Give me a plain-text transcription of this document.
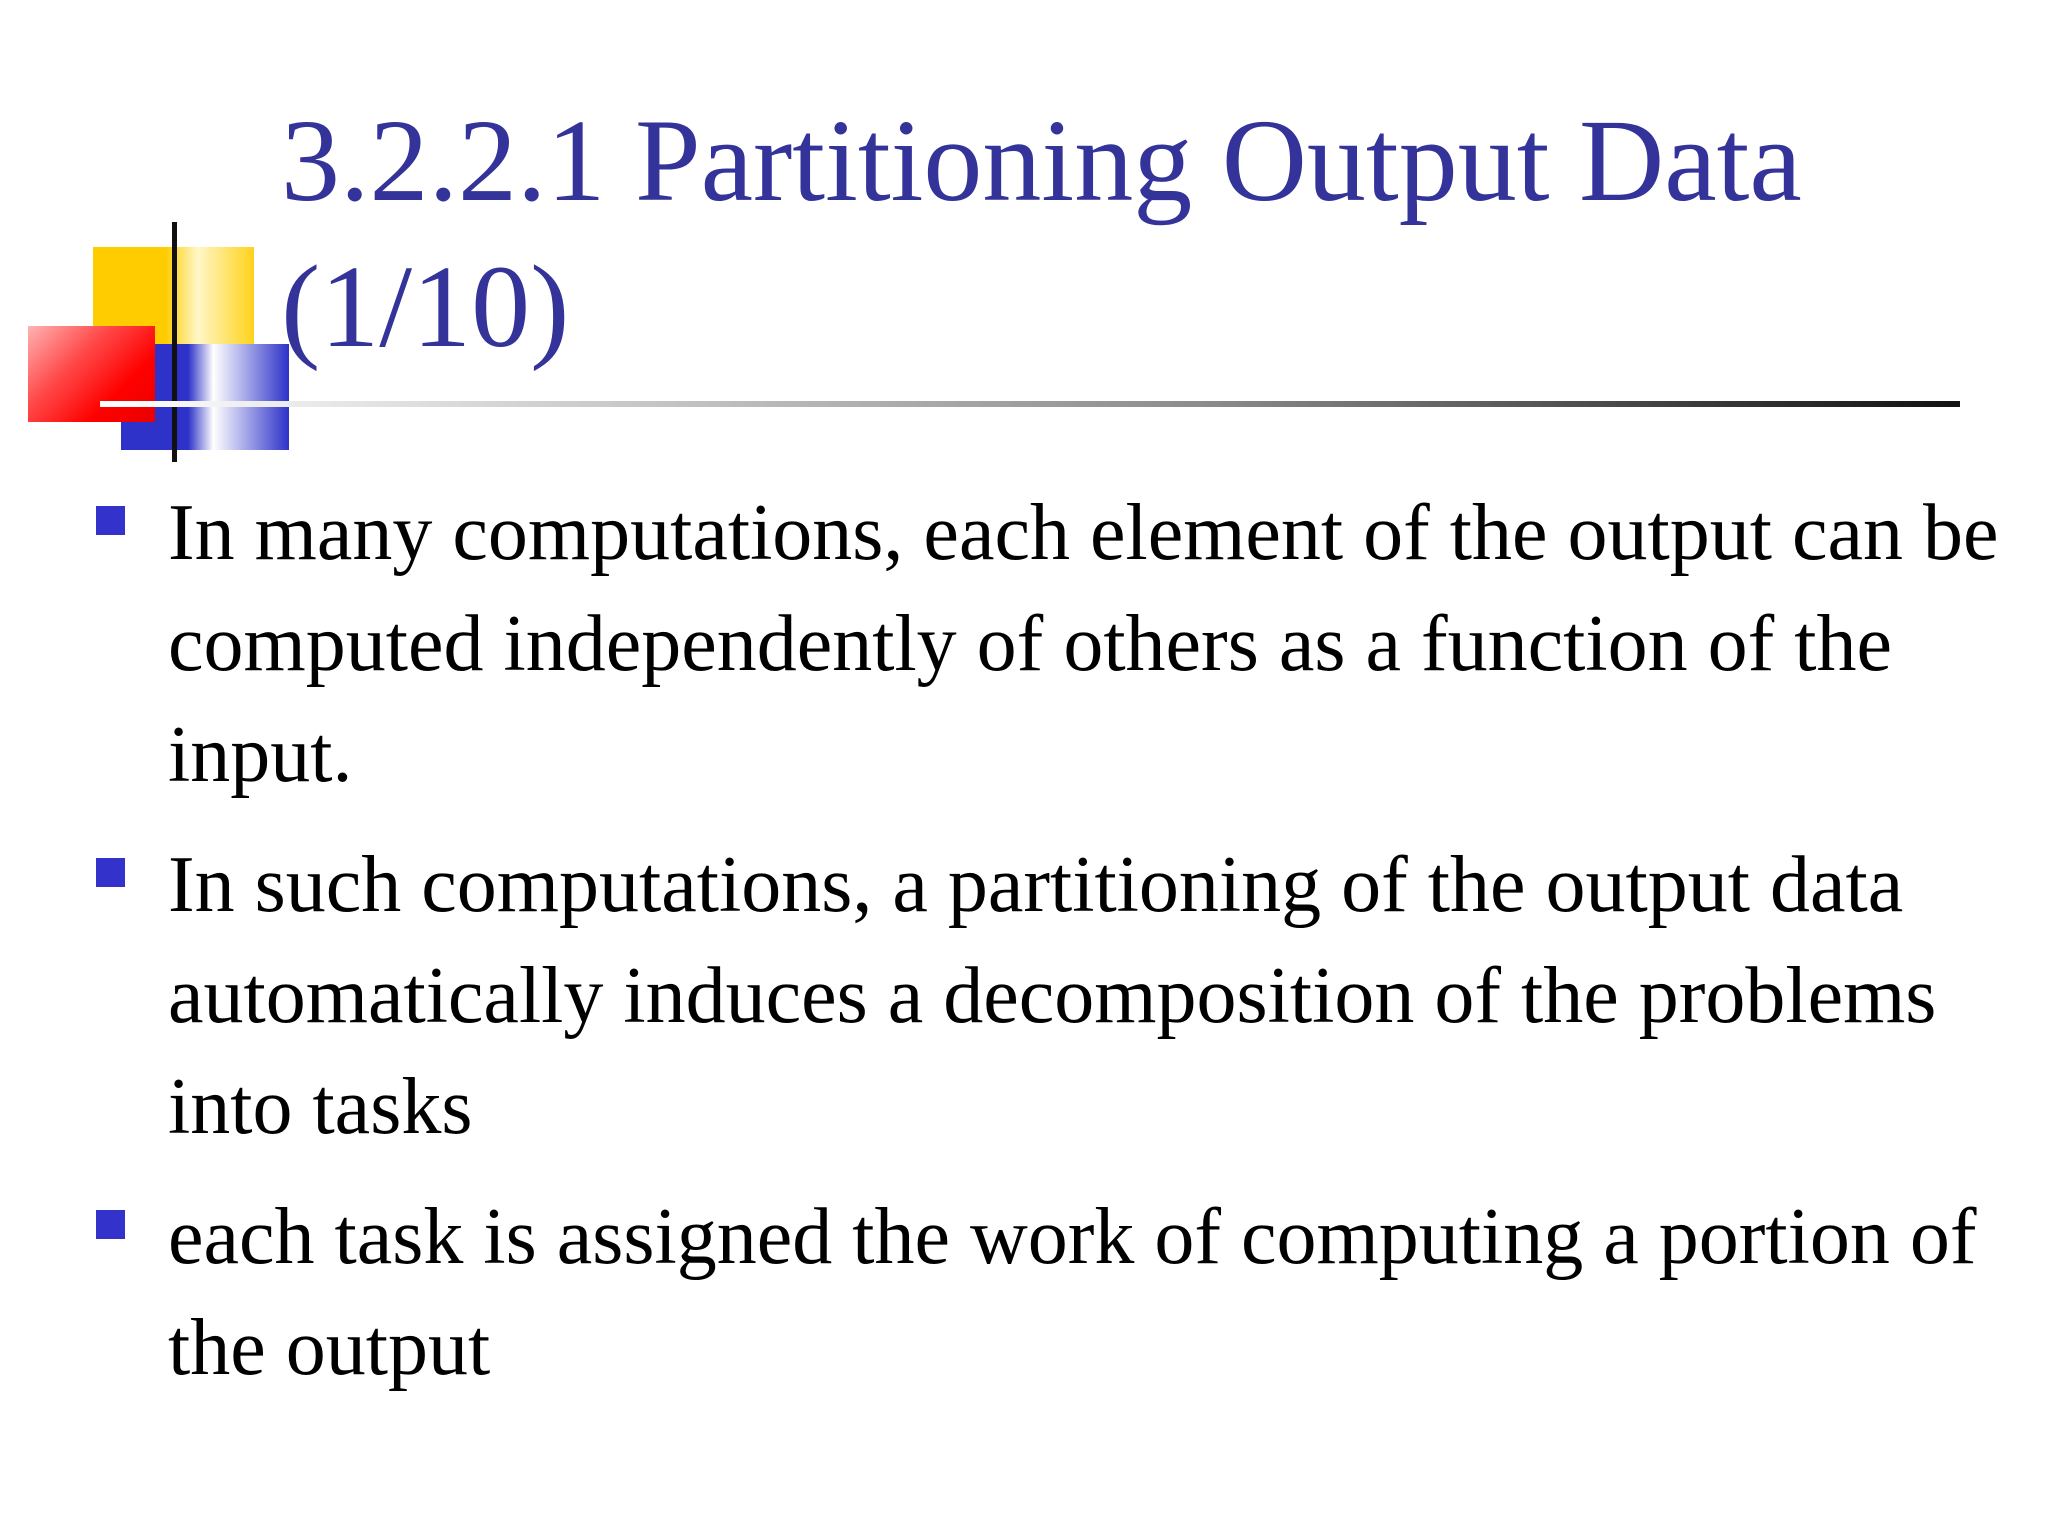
3.2.2.1 Partitioning Output Data (1/10)
In many computations, each element of the output can be computed independently of others as a function of the input.
In such computations, a partitioning of the output data automatically induces a decomposition of the problems into tasks
each task is assigned the work of computing a portion of the output
